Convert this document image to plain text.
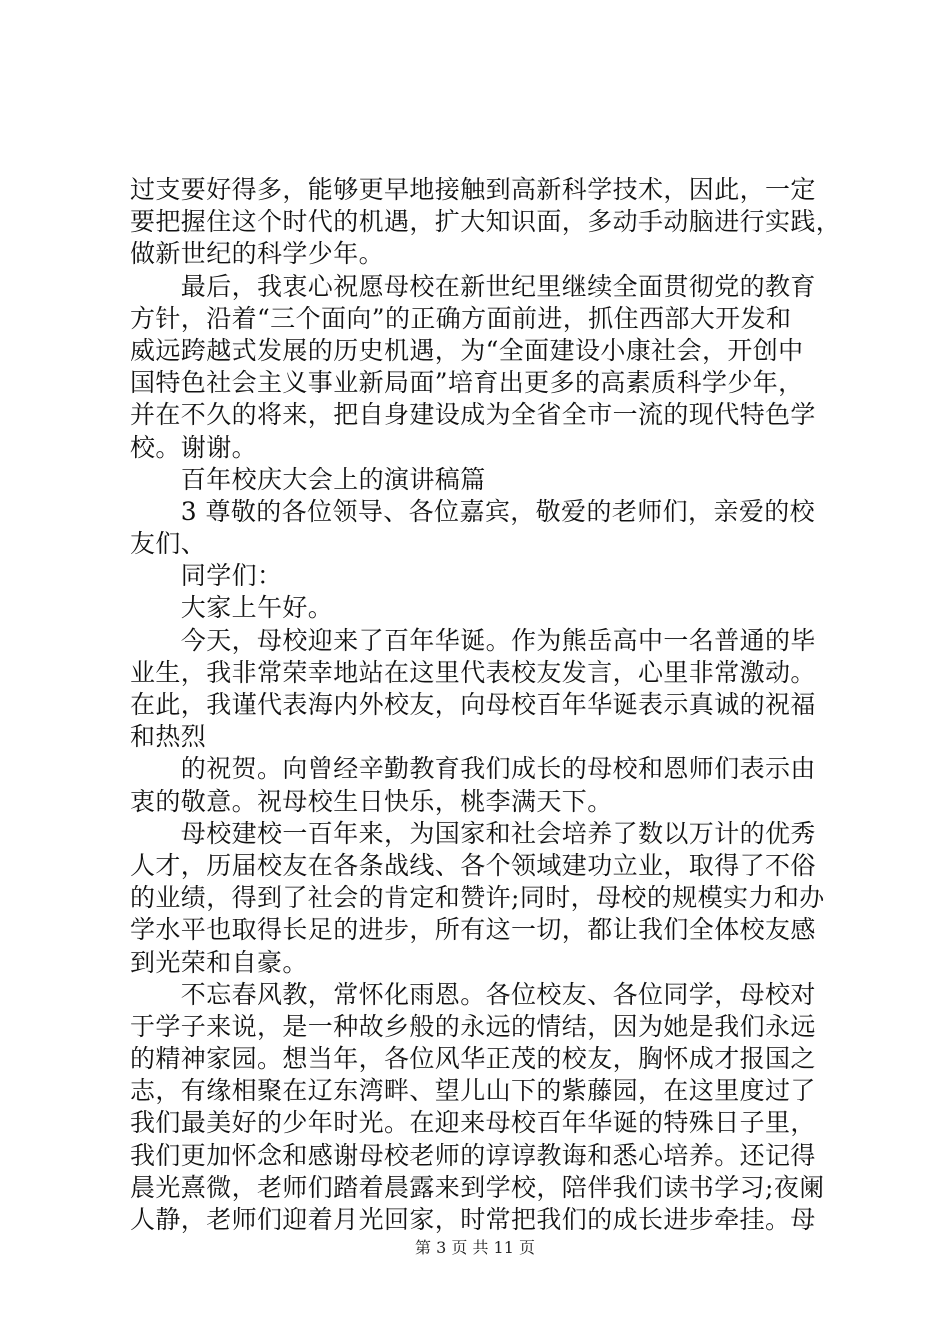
过支要好得多，能够更早地接触到高新科学技术，因此，一定
要把握住这个时代的机遇，扩大知识面，多动手动脑进行实践，
做新世纪的科学少年。
　　最后，我衷心祝愿母校在新世纪里继续全面贯彻党的教育
方针，沿着“三个面向”的正确方面前进，抓住西部大开发和
威远跨越式发展的历史机遇，为“全面建设小康社会，开创中
国特色社会主义事业新局面”培育出更多的高素质科学少年，
并在不久的将来，把自身建设成为全省全市一流的现代特色学
校。谢谢。
　　百年校庆大会上的演讲稿篇
　　3 尊敬的各位领导、各位嘉宾，敬爱的老师们，亲爱的校
友们、
　　同学们：
　　大家上午好。
　　今天，母校迎来了百年华诞。作为熊岳高中一名普通的毕
业生，我非常荣幸地站在这里代表校友发言，心里非常激动。
在此，我谨代表海内外校友，向母校百年华诞表示真诚的祝福
和热烈
　　的祝贺。向曾经辛勤教育我们成长的母校和恩师们表示由
衷的敬意。祝母校生日快乐，桃李满天下。
　　母校建校一百年来，为国家和社会培养了数以万计的优秀
人才，历届校友在各条战线、各个领域建功立业，取得了不俗
的业绩，得到了社会的肯定和赞许;同时，母校的规模实力和办
学水平也取得长足的进步，所有这一切，都让我们全体校友感
到光荣和自豪。
　　不忘春风教，常怀化雨恩。各位校友、各位同学，母校对
于学子来说，是一种故乡般的永远的情结，因为她是我们永远
的精神家园。想当年，各位风华正茂的校友，胸怀成才报国之
志，有缘相聚在辽东湾畔、望儿山下的紫藤园，在这里度过了
我们最美好的少年时光。在迎来母校百年华诞的特殊日子里，
我们更加怀念和感谢母校老师的谆谆教诲和悉心培养。还记得
晨光熹微，老师们踏着晨露来到学校，陪伴我们读书学习;夜阑
人静，老师们迎着月光回家，时常把我们的成长进步牵挂。母
第 3 页 共 11 页
